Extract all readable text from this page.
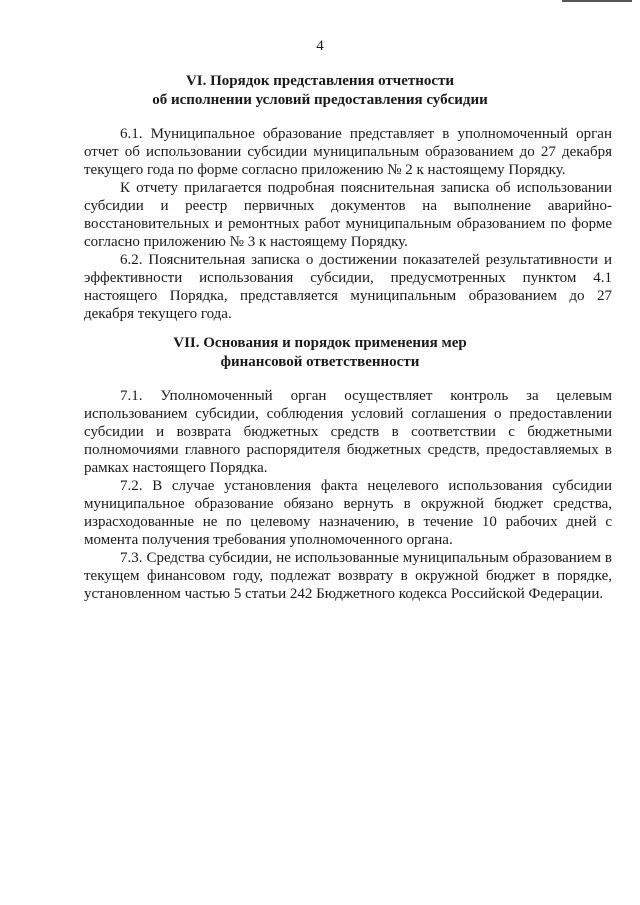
4
VI. Порядок представления отчетности
об исполнении условий предоставления субсидии

6.1. Муниципальное образование представляет в уполномоченный орган отчет об использовании субсидии муниципальным образованием до 27 декабря текущего года по форме согласно приложению № 2 к настоящему Порядку.

К отчету прилагается подробная пояснительная записка об использовании субсидии и реестр первичных документов на выполнение аварийно-восстановительных и ремонтных работ муниципальным образованием по форме согласно приложению № 3 к настоящему Порядку.

6.2. Пояснительная записка о достижении показателей результативности и эффективности использования субсидии, предусмотренных пунктом 4.1 настоящего Порядка, представляется муниципальным образованием до 27 декабря текущего года.

VII. Основания и порядок применения мер
финансовой ответственности

7.1. Уполномоченный орган осуществляет контроль за целевым использованием субсидии, соблюдения условий соглашения о предоставлении субсидии и возврата бюджетных средств в соответствии с бюджетными полномочиями главного распорядителя бюджетных средств, предоставляемых в рамках настоящего Порядка.

7.2. В случае установления факта нецелевого использования субсидии муниципальное образование обязано вернуть в окружной бюджет средства, израсходованные не по целевому назначению, в течение 10 рабочих дней с момента получения требования уполномоченного органа.

7.3. Средства субсидии, не использованные муниципальным образованием в текущем финансовом году, подлежат возврату в окружной бюджет в порядке, установленном частью 5 статьи 242 Бюджетного кодекса Российской Федерации.
